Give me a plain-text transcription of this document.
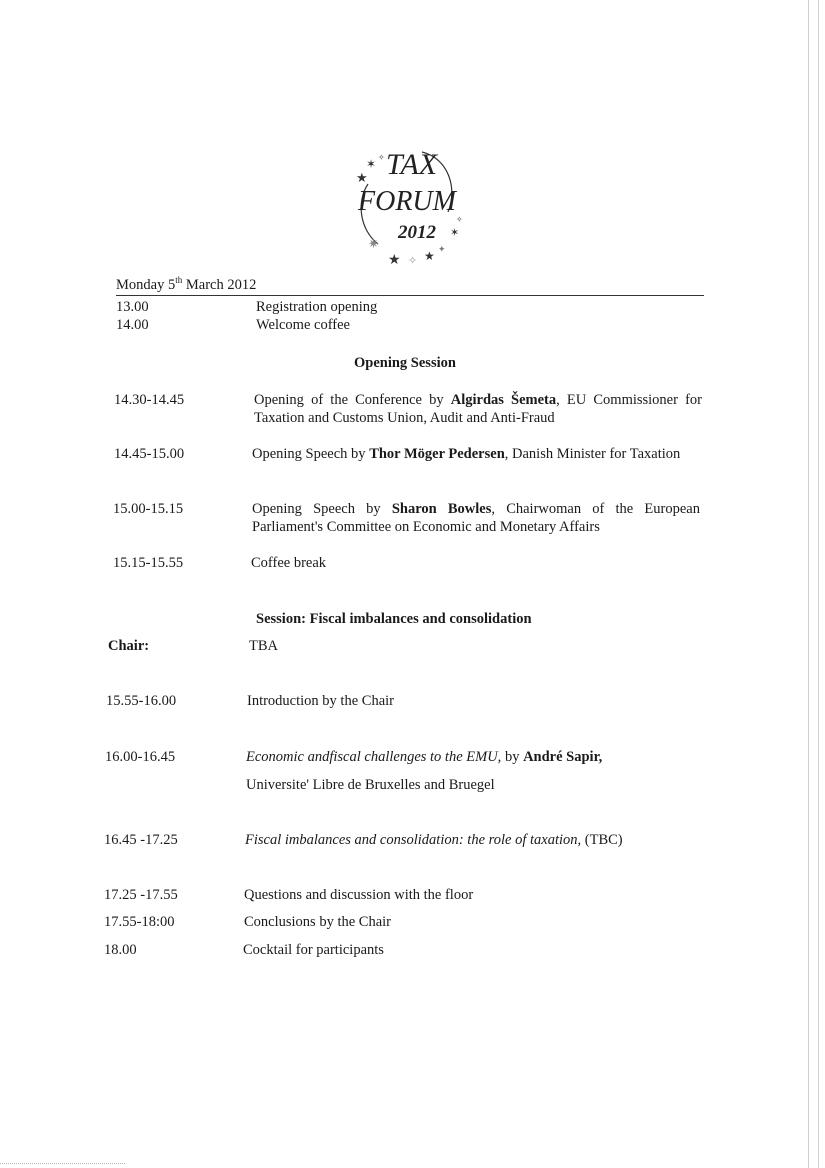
TAX
FORUM
2012
✶
★
✧
✶
✧
✷
★ ✧ ★ ✦
Monday 5th March 2012
13.00	Registration opening
14.00	Welcome coffee
Opening Session
14.30-14.45	Opening of the Conference by Algirdas Šemeta, EU Commissioner for Taxation and Customs Union, Audit and Anti-Fraud
14.45-15.00	Opening Speech by Thor Möger Pedersen, Danish Minister for Taxation
15.00-15.15	Opening Speech by Sharon Bowles, Chairwoman of the European Parliament's Committee on Economic and Monetary Affairs
15.15-15.55	Coffee break
Session: Fiscal imbalances and consolidation
Chair:	TBA
15.55-16.00	Introduction by the Chair
16.00-16.45	Economic andfiscal challenges to the EMU, by André Sapir,
Universite' Libre de Bruxelles and Bruegel
16.45 -17.25	Fiscal imbalances and consolidation: the role of taxation, (TBC)
17.25 -17.55	Questions and discussion with the floor
17.55-18:00	Conclusions by the Chair
18.00	Cocktail for participants
